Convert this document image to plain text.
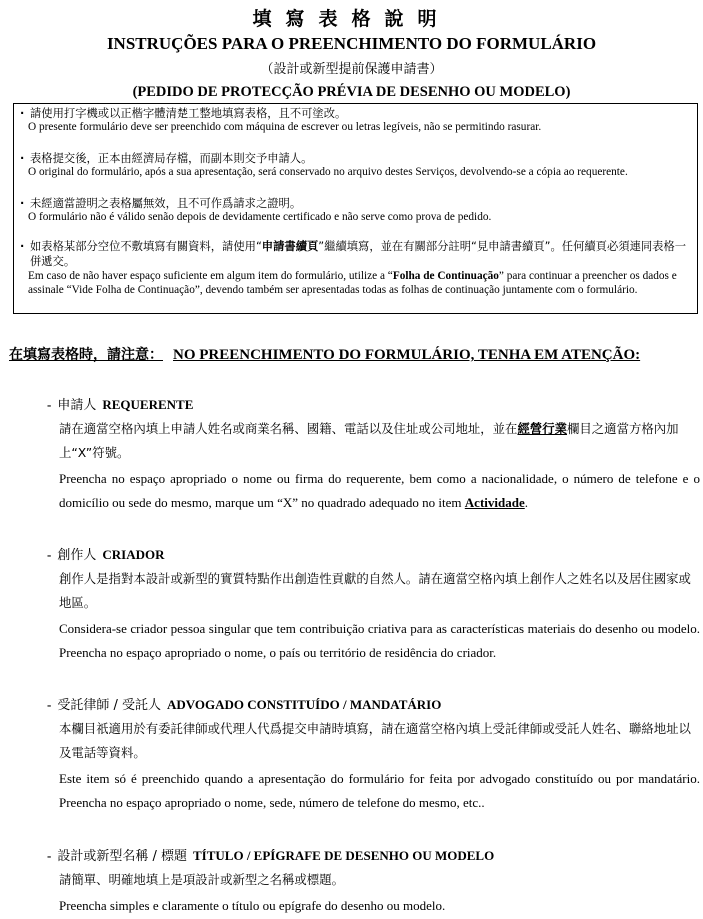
填寫表格說明
INSTRUÇÕES PARA O PREENCHIMENTO DO FORMULÁRIO
（設計或新型提前保護申請書）
(PEDIDO DE PROTECÇÃO PRÉVIA DE DESENHO OU MODELO)
. 請使用打字機或以正楷字體清楚工整地填寫表格，且不可塗改。
O presente formulário deve ser preenchido com máquina de escrever ou letras legíveis, não se permitindo rasurar.
. 表格提交後，正本由經濟局存檔，而副本則交予申請人。
O original do formulário, após a sua apresentação, será conservado no arquivo destes Serviços, devolvendo-se a cópia ao requerente.
. 未經適當證明之表格屬無效，且不可作爲請求之證明。
O formulário não é válido senão depois de devidamente certificado e não serve como prova de pedido.
. 如表格某部分空位不敷填寫有關資料，請使用“申請書續頁”繼續填寫，並在有關部分註明“見申請書續頁”。任何續頁必須連同表格一併遞交。
Em caso de não haver espaço suficiente em algum item do formulário, utilize a “Folha de Continuação” para continuar a preencher os dados e assinale “Vide Folha de Continuação”, devendo também ser apresentadas todas as folhas de continuação juntamente com o formulário.
在填寫表格時，請注意： NO PREENCHIMENTO DO FORMULÁRIO, TENHA EM ATENÇÃO:
- 申請人 REQUERENTE
請在適當空格內填上申請人姓名或商業名稱、國籍、電話以及住址或公司地址，並在經營行業欄目之適當方格內加上“X”符號。
Preencha no espaço apropriado o nome ou firma do requerente, bem como a nacionalidade, o número de telefone e o domicílio ou sede do mesmo, marque um “X” no quadrado adequado no item Actividade.
- 創作人 CRIADOR
創作人是指對本設計或新型的實質特點作出創造性貢獻的自然人。請在適當空格內填上創作人之姓名以及居住國家或地區。
Considera-se criador pessoa singular que tem contribuição criativa para as características materiais do desenho ou modelo. Preencha no espaço apropriado o nome, o país ou território de residência do criador.
- 受託律師 / 受託人 ADVOGADO CONSTITUÍDO / MANDATÁRIO
本欄目祇適用於有委託律師或代理人代爲提交申請時填寫，請在適當空格內填上受託律師或受託人姓名、聯絡地址以及電話等資料。
Este item só é preenchido quando a apresentação do formulário for feita por advogado constituído ou por mandatário. Preencha no espaço apropriado o nome, sede, número de telefone do mesmo, etc..
- 設計或新型名稱 / 標題 TÍTULO / EPÍGRAFE DE DESENHO OU MODELO
請簡單、明確地填上是項設計或新型之名稱或標題。
Preencha simples e claramente o título ou epígrafe do desenho ou modelo.
